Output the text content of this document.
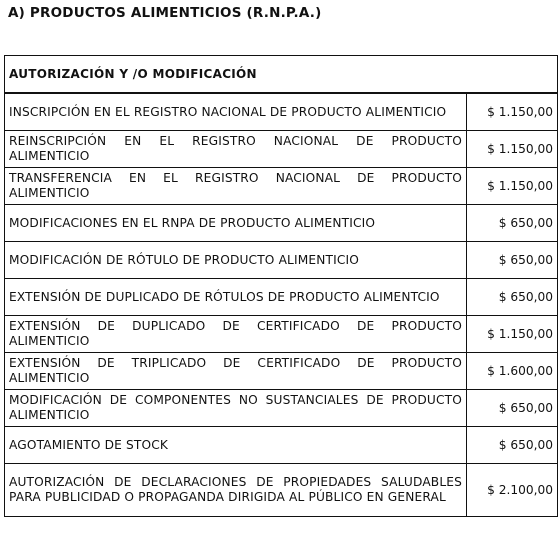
A) PRODUCTOS ALIMENTICIOS (R.N.P.A.)
AUTORIZACIÓN Y /O MODIFICACIÓN	
INSCRIPCIÓN EN EL REGISTRO NACIONAL DE PRODUCTO ALIMENTICIO	$ 1.150,00
REINSCRIPCIÓN EN EL REGISTRO NACIONAL DE PRODUCTO ALIMENTICIO	$ 1.150,00
TRANSFERENCIA EN EL REGISTRO NACIONAL DE PRODUCTO ALIMENTICIO	$ 1.150,00
MODIFICACIONES EN EL RNPA DE PRODUCTO ALIMENTICIO	$ 650,00
MODIFICACIÓN DE RÓTULO DE PRODUCTO ALIMENTICIO	$ 650,00
EXTENSIÓN DE DUPLICADO DE RÓTULOS DE PRODUCTO ALIMENTCIO	$ 650,00
EXTENSIÓN DE DUPLICADO DE CERTIFICADO DE PRODUCTO ALIMENTICIO	$ 1.150,00
EXTENSIÓN DE TRIPLICADO DE CERTIFICADO DE PRODUCTO ALIMENTICIO	$ 1.600,00
MODIFICACIÓN DE COMPONENTES NO SUSTANCIALES DE PRODUCTO ALIMENTICIO	$ 650,00
AGOTAMIENTO DE STOCK	$ 650,00
AUTORIZACIÓN DE DECLARACIONES DE PROPIEDADES SALUDABLES PARA PUBLICIDAD O PROPAGANDA DIRIGIDA AL PÚBLICO EN GENERAL	$ 2.100,00
